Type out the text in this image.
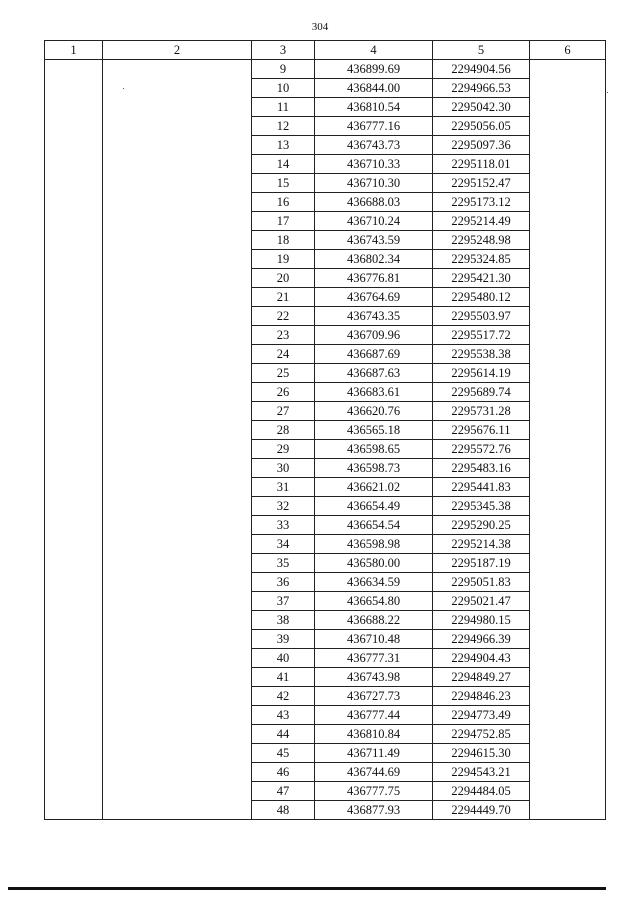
304
1	2	3	4	5	6
		9	436899.69	2294904.56	
		10	436844.00	2294966.53	
		11	436810.54	2295042.30	
		12	436777.16	2295056.05	
		13	436743.73	2295097.36	
		14	436710.33	2295118.01	
		15	436710.30	2295152.47	
		16	436688.03	2295173.12	
		17	436710.24	2295214.49	
		18	436743.59	2295248.98	
		19	436802.34	2295324.85	
		20	436776.81	2295421.30	
		21	436764.69	2295480.12	
		22	436743.35	2295503.97	
		23	436709.96	2295517.72	
		24	436687.69	2295538.38	
		25	436687.63	2295614.19	
		26	436683.61	2295689.74	
		27	436620.76	2295731.28	
		28	436565.18	2295676.11	
		29	436598.65	2295572.76	
		30	436598.73	2295483.16	
		31	436621.02	2295441.83	
		32	436654.49	2295345.38	
		33	436654.54	2295290.25	
		34	436598.98	2295214.38	
		35	436580.00	2295187.19	
		36	436634.59	2295051.83	
		37	436654.80	2295021.47	
		38	436688.22	2294980.15	
		39	436710.48	2294966.39	
		40	436777.31	2294904.43	
		41	436743.98	2294849.27	
		42	436727.73	2294846.23	
		43	436777.44	2294773.49	
		44	436810.84	2294752.85	
		45	436711.49	2294615.30	
		46	436744.69	2294543.21	
		47	436777.75	2294484.05	
		48	436877.93	2294449.70	
